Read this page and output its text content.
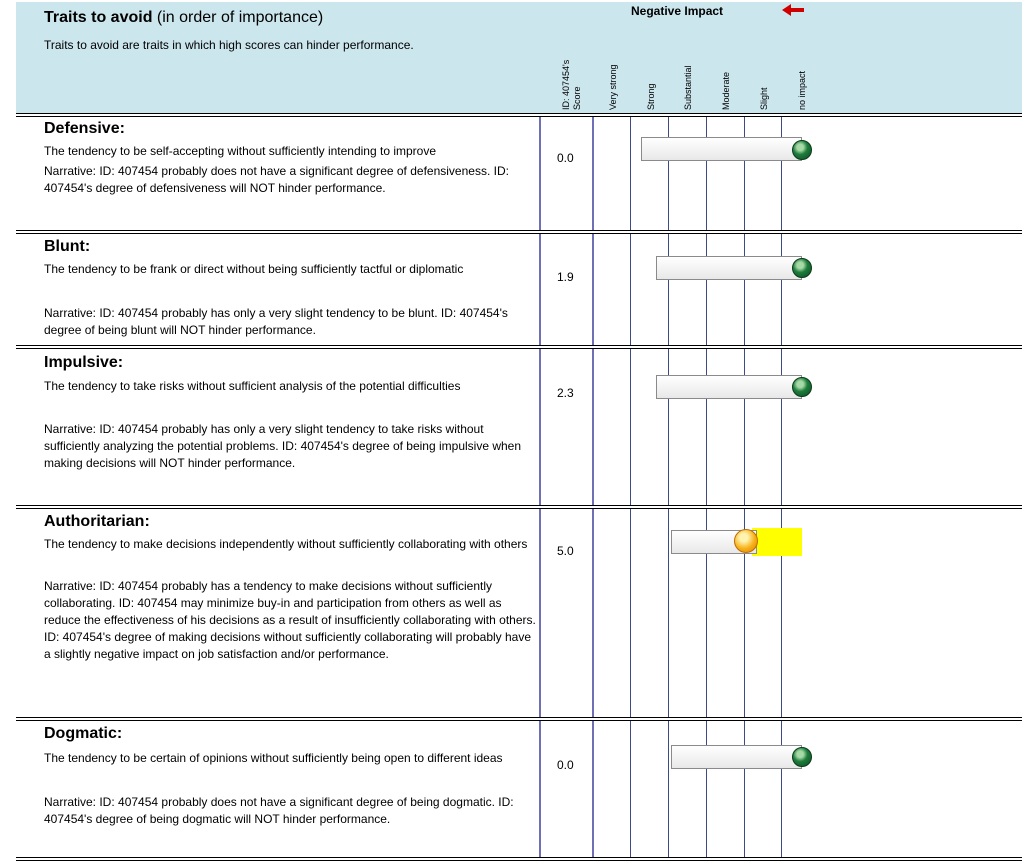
Traits to avoid (in order of importance)
Traits to avoid are traits in which high scores can hinder performance.
Negative Impact
ID: 407454's Score	Very strong	Strong	Substantial	Moderate	Slight	no impact
Defensive:
The tendency to be self-accepting without sufficiently intending to improve
Narrative: ID: 407454 probably does not have a significant degree of defensiveness. ID: 407454's degree of defensiveness will NOT hinder performance.
0.0
Blunt:
The tendency to be frank or direct without being sufficiently tactful or diplomatic
Narrative: ID: 407454 probably has only a very slight tendency to be blunt. ID: 407454's degree of being blunt will NOT hinder performance.
1.9
Impulsive:
The tendency to take risks without sufficient analysis of the potential difficulties
Narrative: ID: 407454 probably has only a very slight tendency to take risks without sufficiently analyzing the potential problems. ID: 407454's degree of being impulsive when making decisions will NOT hinder performance.
2.3
Authoritarian:
The tendency to make decisions independently without sufficiently collaborating with others
Narrative: ID: 407454 probably has a tendency to make decisions without sufficiently collaborating. ID: 407454 may minimize buy-in and participation from others as well as reduce the effectiveness of his decisions as a result of insufficiently collaborating with others. ID: 407454's degree of making decisions without sufficiently collaborating will probably have a slightly negative impact on job satisfaction and/or performance.
5.0
Dogmatic:
The tendency to be certain of opinions without sufficiently being open to different ideas
Narrative: ID: 407454 probably does not have a significant degree of being dogmatic. ID: 407454's degree of being dogmatic will NOT hinder performance.
0.0
